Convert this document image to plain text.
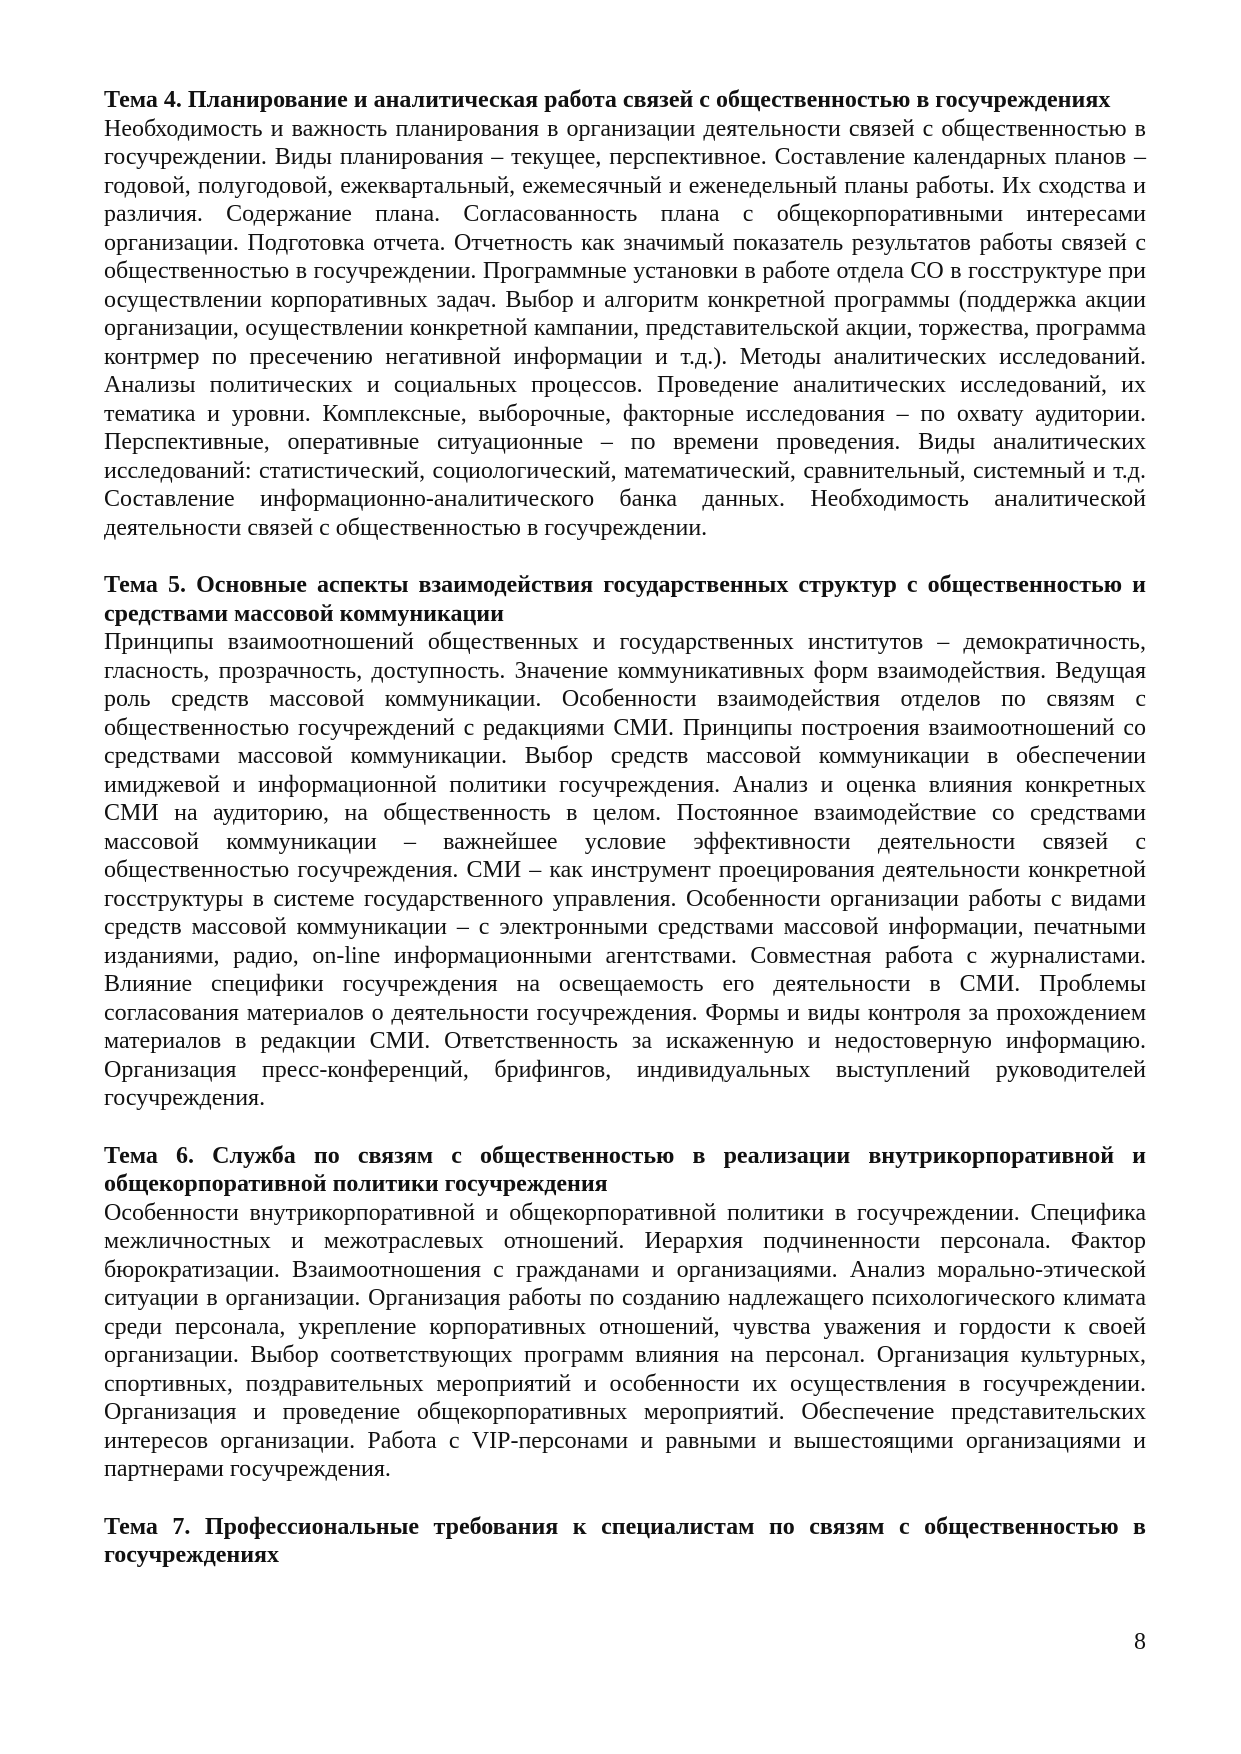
Тема 4. Планирование и аналитическая работа связей с общественностью в госучреждениях

Необходимость и важность планирования в организации деятельности связей с общественностью в госучреждении. Виды планирования – текущее, перспективное. Составление календарных планов – годовой, полугодовой, ежеквартальный, ежемесячный и еженедельный планы работы. Их сходства и различия. Содержание плана. Согласованность плана с общекорпоративными интересами организации. Подготовка отчета. Отчетность как значимый показатель результатов работы связей с общественностью в госучреждении. Программные установки в работе отдела СО в госструктуре при осуществлении корпоративных задач. Выбор и алгоритм конкретной программы (поддержка акции организации, осуществлении конкретной кампании, представительской акции, торжества, программа контрмер по пресечению негативной информации и т.д.). Методы аналитических исследований. Анализы политических и социальных процессов. Проведение аналитических исследований, их тематика и уровни. Комплексные, выборочные, факторные исследования – по охвату аудитории. Перспективные, оперативные ситуационные – по времени проведения. Виды аналитических исследований: статистический, социологический, математический, сравнительный, системный и т.д. Составление информационно-аналитического банка данных. Необходимость аналитической деятельности связей с общественностью в госучреждении.

Тема 5. Основные аспекты взаимодействия государственных структур с общественностью и средствами массовой коммуникации

Принципы взаимоотношений общественных и государственных институтов – демократичность, гласность, прозрачность, доступность. Значение коммуникативных форм взаимодействия. Ведущая роль средств массовой коммуникации. Особенности взаимодействия отделов по связям с общественностью госучреждений с редакциями СМИ. Принципы построения взаимоотношений со средствами массовой коммуникации. Выбор средств массовой коммуникации в обеспечении имиджевой и информационной политики госучреждения. Анализ и оценка влияния конкретных СМИ на аудиторию, на общественность в целом. Постоянное взаимодействие со средствами массовой коммуникации – важнейшее условие эффективности деятельности связей с общественностью госучреждения. СМИ – как инструмент проецирования деятельности конкретной госструктуры в системе государственного управления. Особенности организации работы с видами средств массовой коммуникации – с электронными средствами массовой информации, печатными изданиями, радио, on-line информационными агентствами. Совместная работа с журналистами. Влияние специфики госучреждения на освещаемость его деятельности в СМИ. Проблемы согласования материалов о деятельности госучреждения. Формы и виды контроля за прохождением материалов в редакции СМИ. Ответственность за искаженную и недостоверную информацию. Организация пресс-конференций, брифингов, индивидуальных выступлений руководителей госучреждения.

Тема 6. Служба по связям с общественностью в реализации внутрикорпоративной и общекорпоративной политики госучреждения

Особенности внутрикорпоративной и общекорпоративной политики в госучреждении. Специфика межличностных и межотраслевых отношений. Иерархия подчиненности персонала. Фактор бюрократизации. Взаимоотношения с гражданами и организациями. Анализ морально-этической ситуации в организации. Организация работы по созданию надлежащего психологического климата среди персонала, укрепление корпоративных отношений, чувства уважения и гордости к своей организации. Выбор соответствующих программ влияния на персонал. Организация культурных, спортивных, поздравительных мероприятий и особенности их осуществления в госучреждении. Организация и проведение общекорпоративных мероприятий. Обеспечение представительских интересов организации. Работа с VIP-персонами и равными и вышестоящими организациями и партнерами госучреждения.

Тема 7. Профессиональные требования к специалистам по связям с общественностью в госучреждениях

8
